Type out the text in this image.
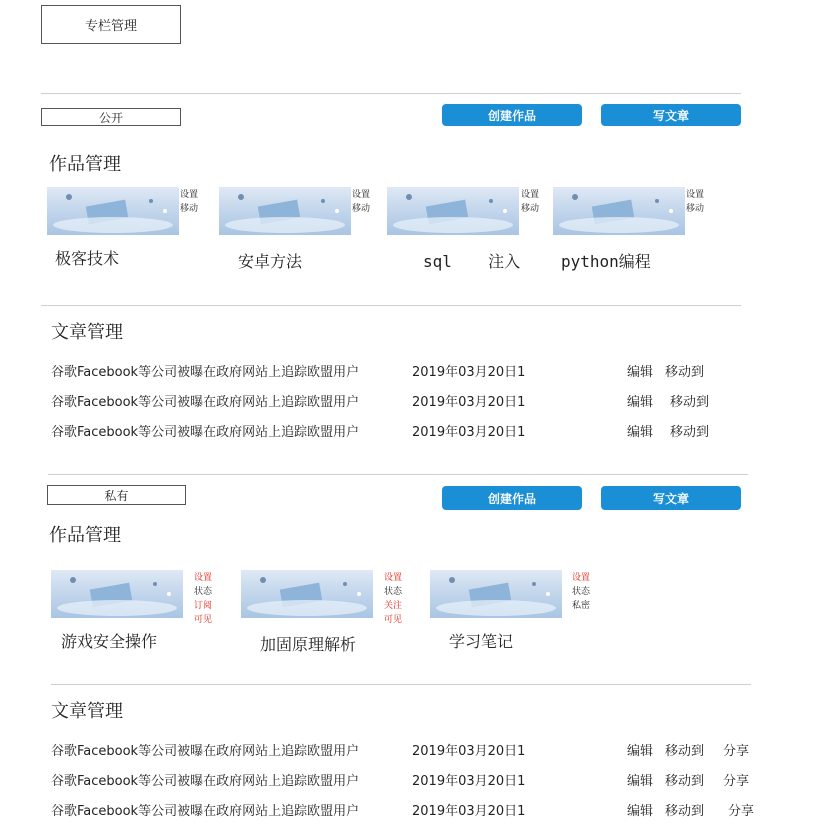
专栏管理
公开	创建作品	写文章
作品管理
设置
移动
极客技术
设置
移动
安卓方法
设置
移动
sql 注入
设置
移动
python编程
文章管理
谷歌Facebook等公司被曝在政府网站上追踪欧盟用户	2019年03月20日1	编辑 移动到
谷歌Facebook等公司被曝在政府网站上追踪欧盟用户	2019年03月20日1	编辑 移动到
谷歌Facebook等公司被曝在政府网站上追踪欧盟用户	2019年03月20日1	编辑 移动到
私有	创建作品	写文章
作品管理
设置
状态
订阅
可见
游戏安全操作
设置
状态
关注
可见
加固原理解析
设置
状态
私密
学习笔记
文章管理
谷歌Facebook等公司被曝在政府网站上追踪欧盟用户	2019年03月20日1	编辑 移动到 分享
谷歌Facebook等公司被曝在政府网站上追踪欧盟用户	2019年03月20日1	编辑 移动到 分享
谷歌Facebook等公司被曝在政府网站上追踪欧盟用户	2019年03月20日1	编辑 移动到 分享
